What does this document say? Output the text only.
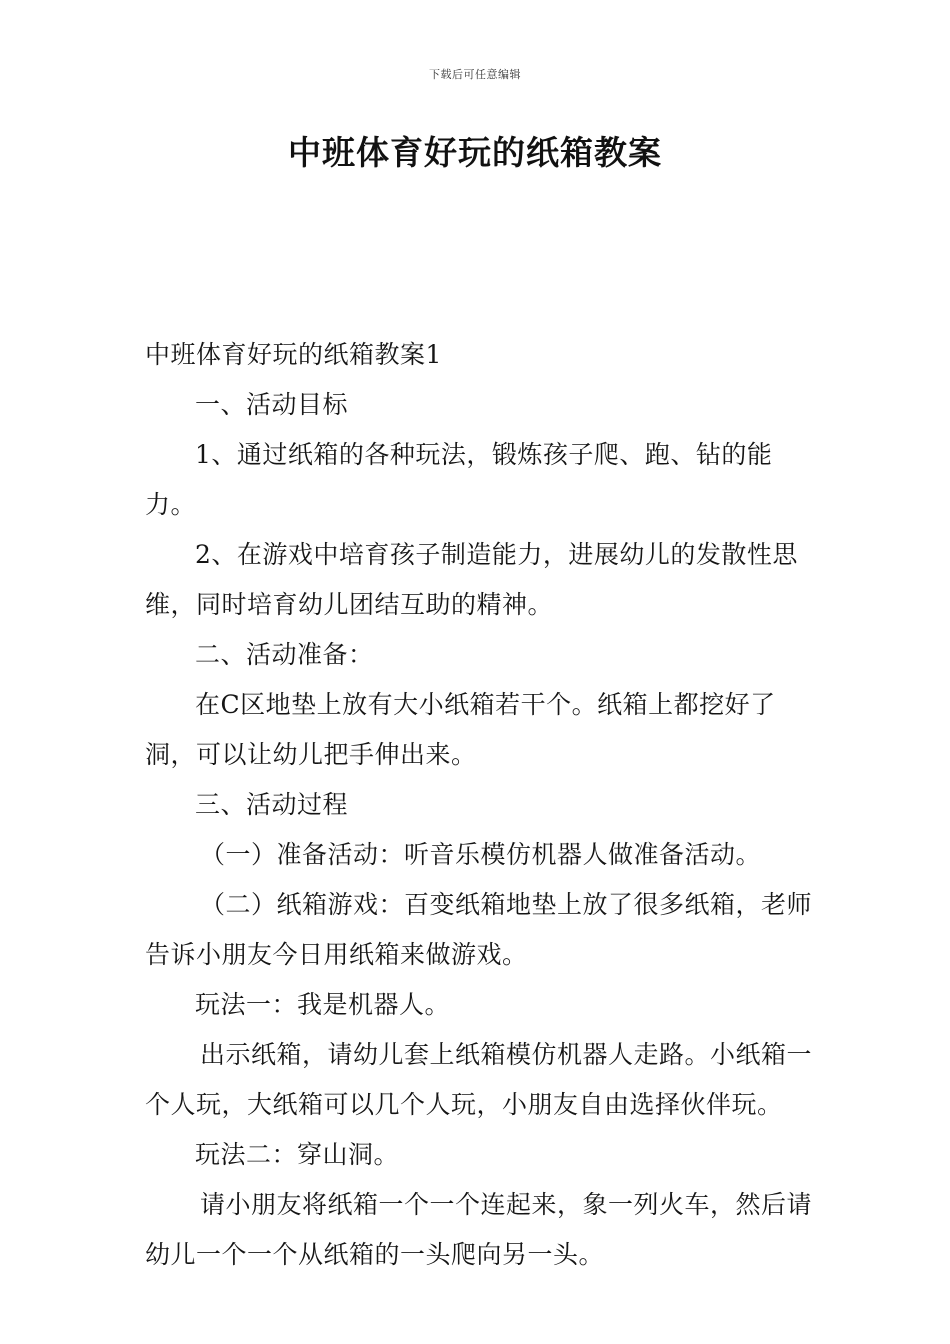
下载后可任意编辑
中班体育好玩的纸箱教案

中班体育好玩的纸箱教案1

一、活动目标

1、通过纸箱的各种玩法，锻炼孩子爬、跑、钻的能力。

2、在游戏中培育孩子制造能力，进展幼儿的发散性思维，同时培育幼儿团结互助的精神。

二、活动准备：

在C区地垫上放有大小纸箱若干个。纸箱上都挖好了洞，可以让幼儿把手伸出来。

三、活动过程

（一）准备活动：听音乐模仿机器人做准备活动。

（二）纸箱游戏：百变纸箱地垫上放了很多纸箱，老师告诉小朋友今日用纸箱来做游戏。

玩法一：我是机器人。

出示纸箱，请幼儿套上纸箱模仿机器人走路。小纸箱一个人玩，大纸箱可以几个人玩，小朋友自由选择伙伴玩。

玩法二：穿山洞。

请小朋友将纸箱一个一个连起来，象一列火车，然后请幼儿一个一个从纸箱的一头爬向另一头。
